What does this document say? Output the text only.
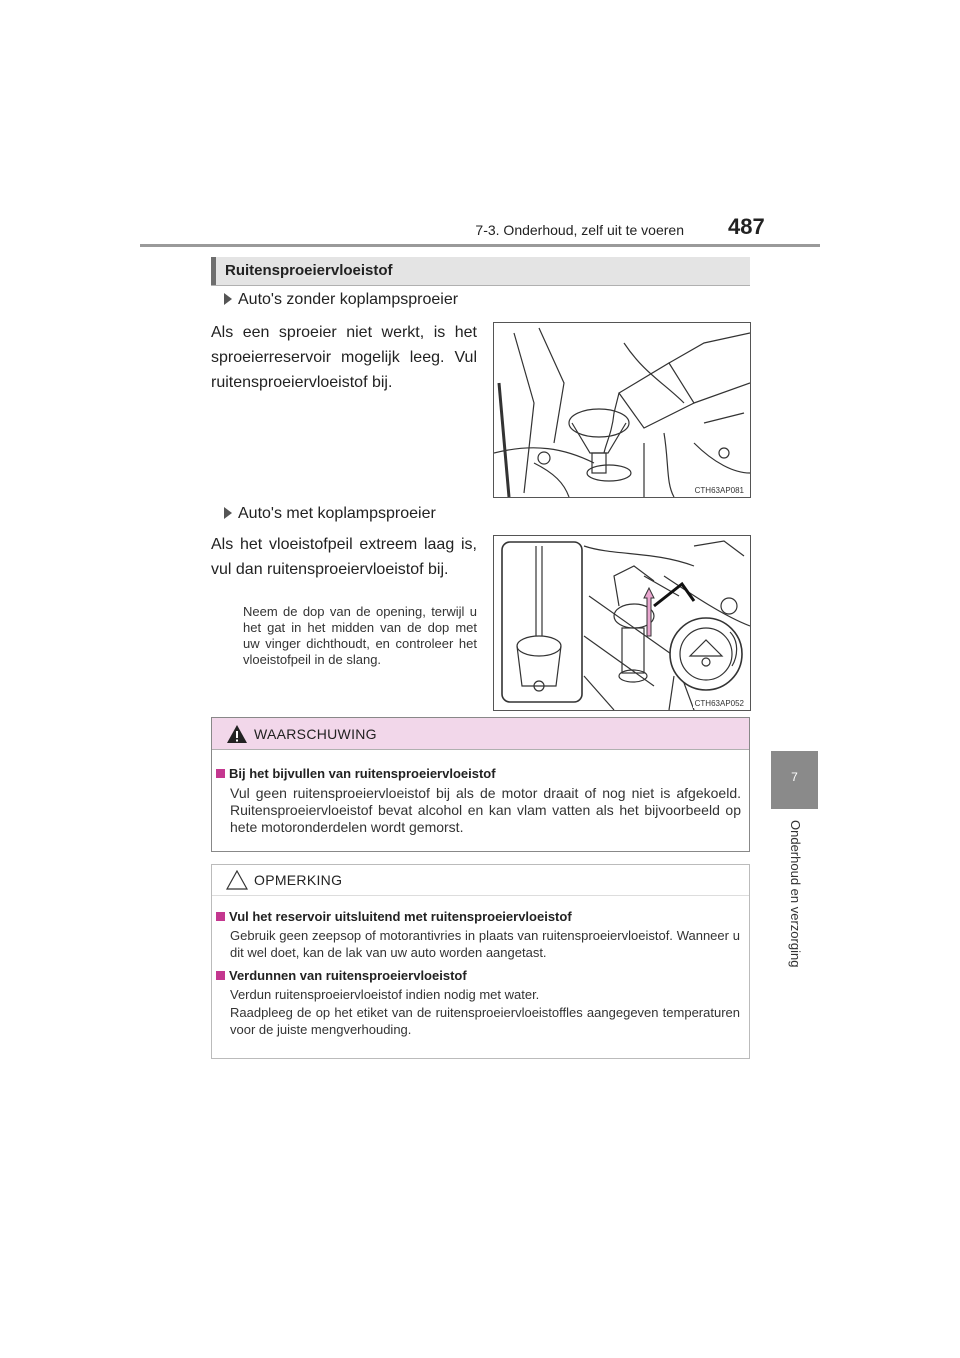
7-3. Onderhoud, zelf uit te voeren 487
7
Onderhoud en verzorging
Ruitensproeiervloeistof
Auto's zonder koplampsproeier
Als een sproeier niet werkt, is het sproeierreservoir mogelijk leeg. Vul ruitensproeiervloeistof bij.
CTH63AP081
Auto's met koplampsproeier
Als het vloeistofpeil extreem laag is, vul dan ruitensproeiervloeistof bij.
Neem de dop van de opening, terwijl u het gat in het midden van de dop met uw vinger dichthoudt, en controleer het vloeistofpeil in de slang.
CTH63AP052
WAARSCHUWING
Bij het bijvullen van ruitensproeiervloeistof
Vul geen ruitensproeiervloeistof bij als de motor draait of nog niet is afgekoeld. Ruitensproeiervloeistof bevat alcohol en kan vlam vatten als het bijvoorbeeld op hete motoronderdelen wordt gemorst.
OPMERKING
Vul het reservoir uitsluitend met ruitensproeiervloeistof
Gebruik geen zeepsop of motorantivries in plaats van ruitensproeiervloeistof. Wanneer u dit wel doet, kan de lak van uw auto worden aangetast.
Verdunnen van ruitensproeiervloeistof
Verdun ruitensproeiervloeistof indien nodig met water.
Raadpleeg de op het etiket van de ruitensproeiervloeistoffles aangegeven temperaturen voor de juiste mengverhouding.
